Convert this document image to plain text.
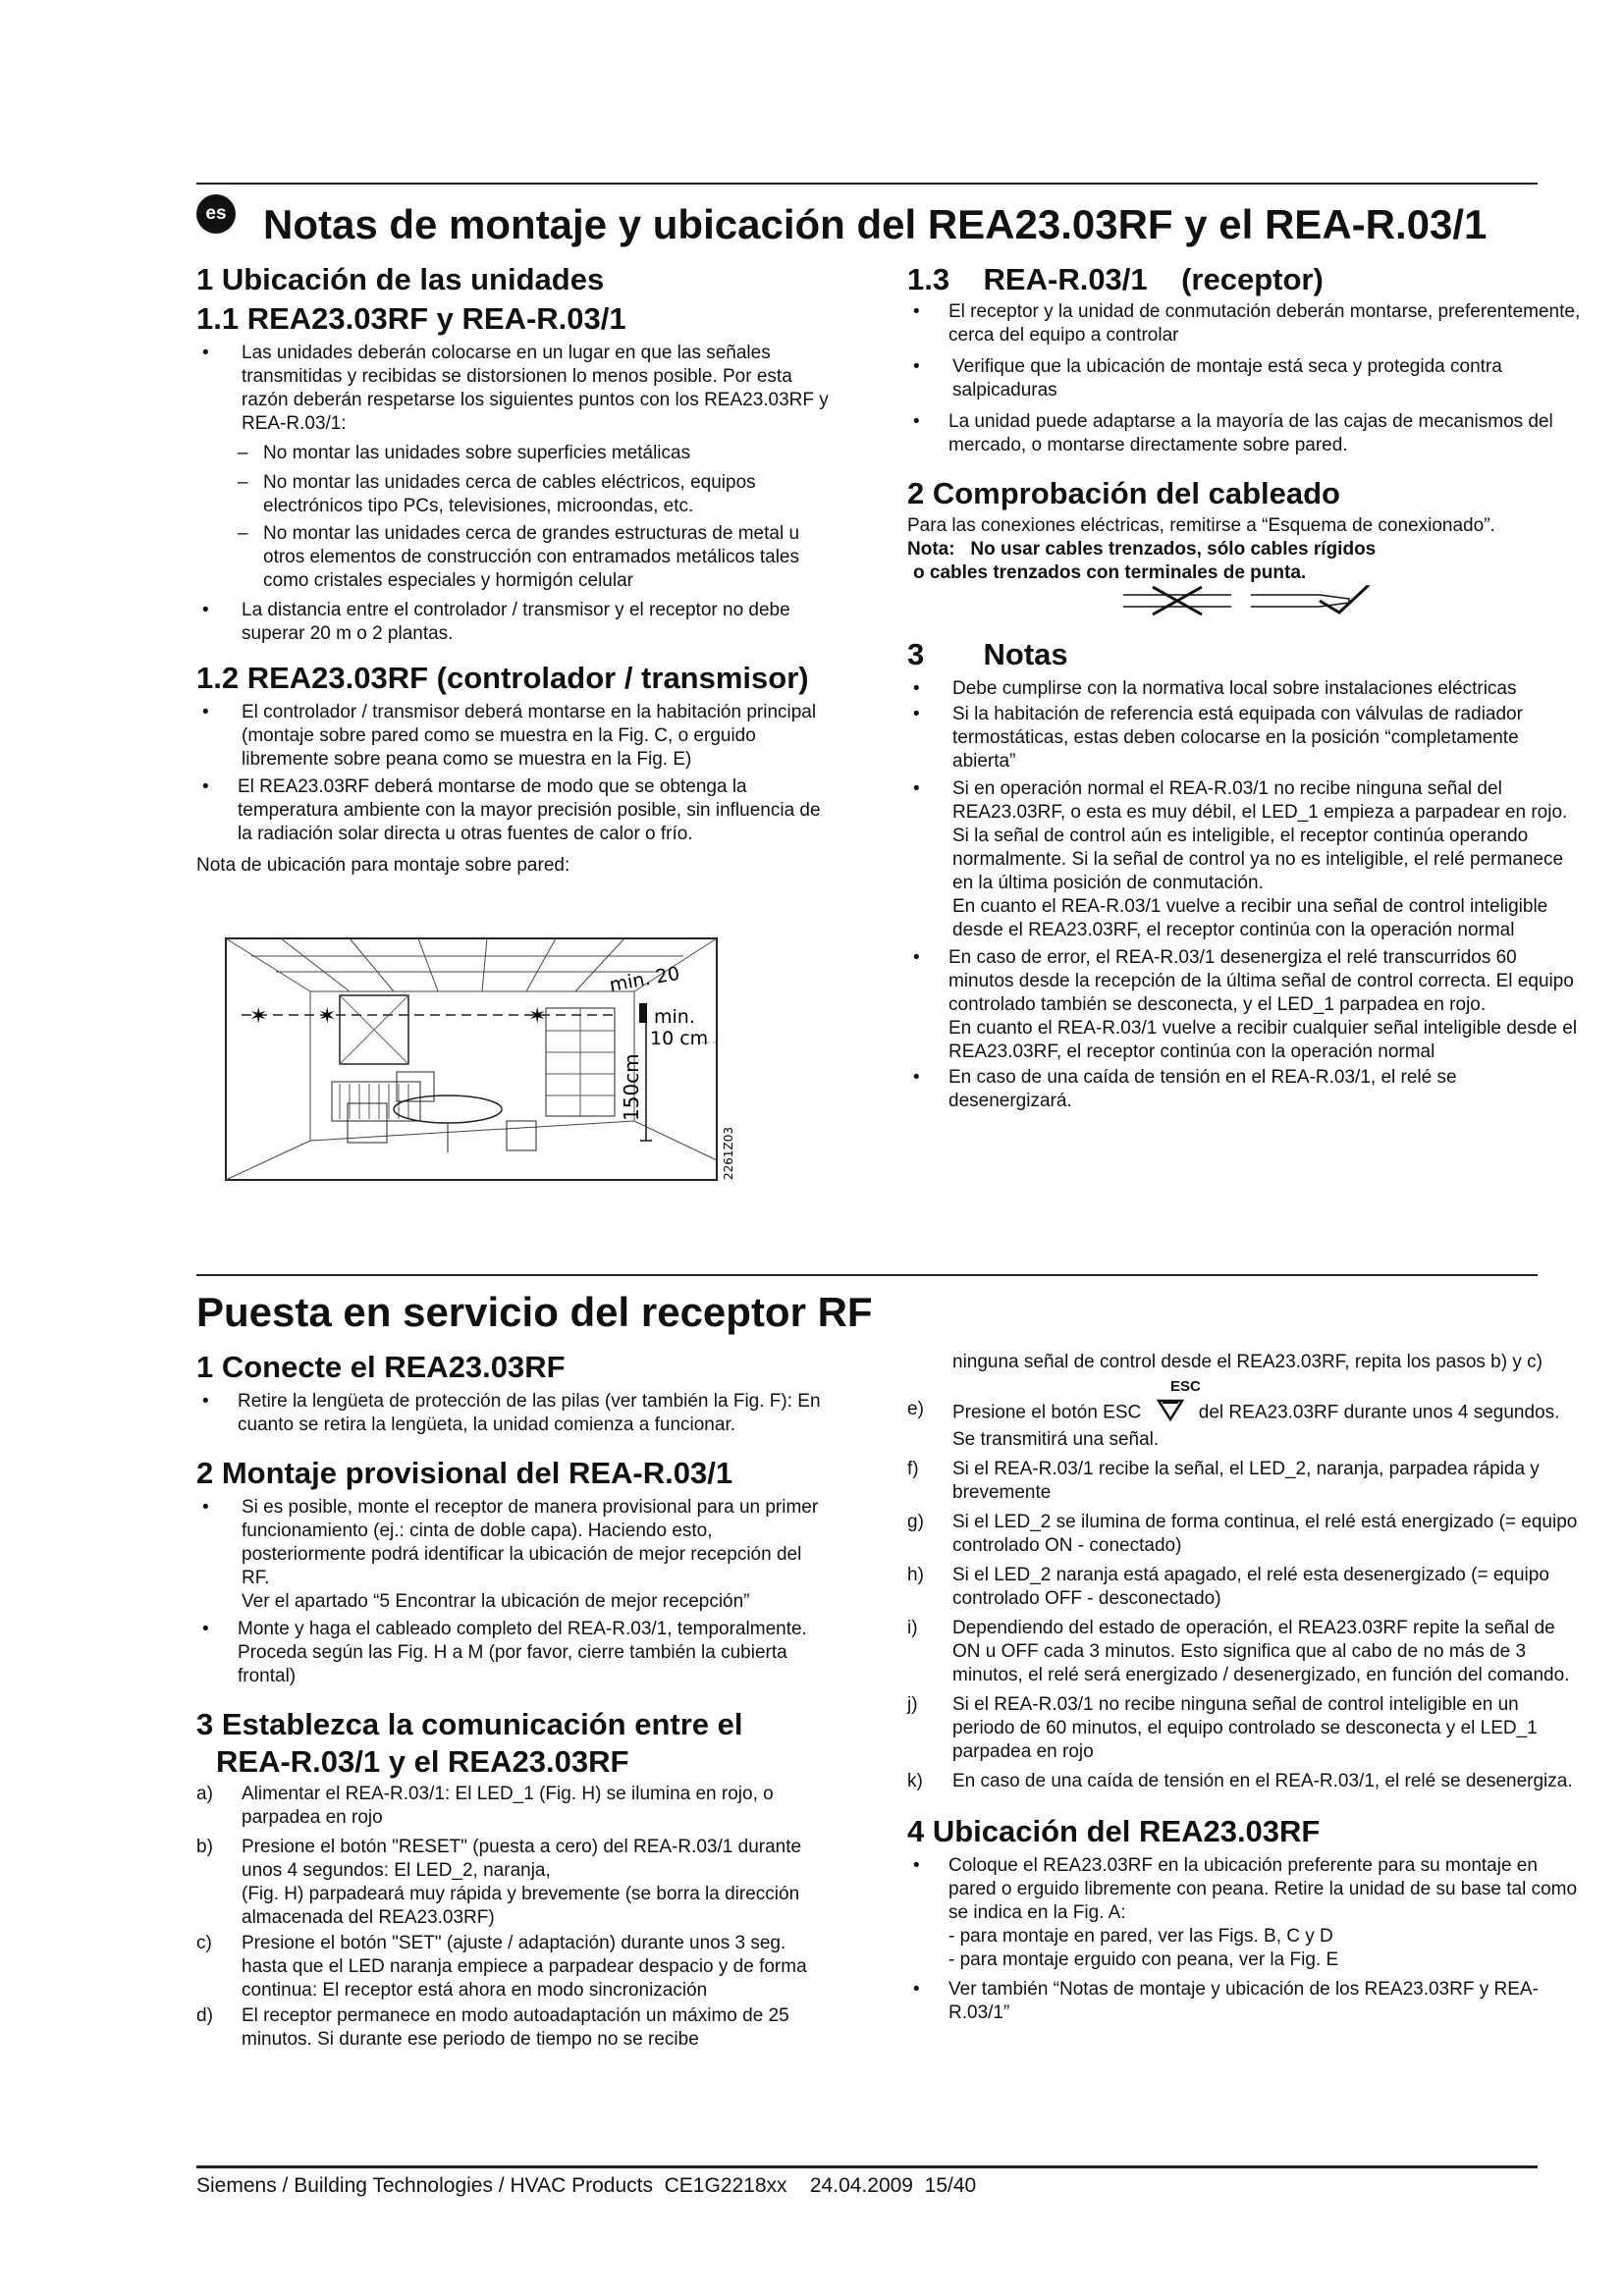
es Notas de montaje y ubicación del REA23.03RF y el REA-R.03/1
1 Ubicación de las unidades
1.1 REA23.03RF y REA-R.03/1

• Las unidades deberán colocarse en un lugar en que las señales transmitidas y recibidas se distorsionen lo menos posible. Por esta razón deberán respetarse los siguientes puntos con los REA23.03RF y REA-R.03/1:

– No montar las unidades sobre superficies metálicas

– No montar las unidades cerca de cables eléctricos, equipos electrónicos tipo PCs, televisiones, microondas, etc.

– No montar las unidades cerca de grandes estructuras de metal u otros elementos de construcción con entramados metálicos tales como cristales especiales y hormigón celular

• La distancia entre el controlador / transmisor y el receptor no debe superar 20 m o 2 plantas.

1.2 REA23.03RF (controlador / transmisor)

• El controlador / transmisor deberá montarse en la habitación principal (montaje sobre pared como se muestra en la Fig. C, o erguido libremente sobre peana como se muestra en la Fig. E)

• El REA23.03RF deberá montarse de modo que se obtenga la temperatura ambiente con la mayor precisión posible, sin influencia de la radiación solar directa u otras fuentes de calor o frío.

Nota de ubicación para montaje sobre pared:

✶ ✶	✶	min.
10 cm
min. 20
150cm
2261Z03
1.3    REA-R.03/1    (receptor)

• El receptor y la unidad de conmutación deberán montarse, preferentemente, cerca del equipo a controlar

• Verifique que la ubicación de montaje está seca y protegida contra salpicaduras

• La unidad puede adaptarse a la mayoría de las cajas de mecanismos del mercado, o montarse directamente sobre pared.

2 Comprobación del cableado

Para las conexiones eléctricas, remitirse a “Esquema de conexionado”.

Nota:   No usar cables trenzados, sólo cables rígidos

o cables trenzados con terminales de punta.

3       Notas

• Debe cumplirse con la normativa local sobre instalaciones eléctricas

• Si la habitación de referencia está equipada con válvulas de radiador termostáticas, estas deben colocarse en la posición “completamente abierta”

• Si en operación normal el REA-R.03/1 no recibe ninguna señal del REA23.03RF, o esta es muy débil, el LED_1 empieza a parpadear en rojo.
Si la señal de control aún es inteligible, el receptor continúa operando normalmente. Si la señal de control ya no es inteligible, el relé permanece en la última posición de conmutación.
En cuanto el REA-R.03/1 vuelve a recibir una señal de control inteligible desde el REA23.03RF, el receptor continúa con la operación normal

• En caso de error, el REA-R.03/1 desenergiza el relé transcurridos 60 minutos desde la recepción de la última señal de control correcta. El equipo controlado también se desconecta, y el LED_1 parpadea en rojo.
En cuanto el REA-R.03/1 vuelve a recibir cualquier señal inteligible desde el REA23.03RF, el receptor continúa con la operación normal

• En caso de una caída de tensión en el REA-R.03/1, el relé se desenergizará.

Puesta en servicio del receptor RF
1 Conecte el REA23.03RF

• Retire la lengüeta de protección de las pilas (ver también la Fig. F): En cuanto se retira la lengüeta, la unidad comienza a funcionar.

2 Montaje provisional del REA-R.03/1

• Si es posible, monte el receptor de manera provisional para un primer funcionamiento (ej.: cinta de doble capa). Haciendo esto, posteriormente podrá identificar la ubicación de mejor recepción del RF.
Ver el apartado “5 Encontrar la ubicación de mejor recepción”

• Monte y haga el cableado completo del REA-R.03/1, temporalmente. Proceda según las Fig. H a M (por favor, cierre también la cubierta frontal)

3 Establezca la comunicación entre el
REA-R.03/1 y el REA23.03RF
a) Alimentar el REA-R.03/1: El LED_1 (Fig. H) se ilumina en rojo, o parpadea en rojo
b) Presione el botón "RESET" (puesta a cero) del REA-R.03/1 durante unos 4 segundos: El LED_2, naranja,
(Fig. H) parpadeará muy rápida y brevemente (se borra la dirección almacenada del REA23.03RF)
c) Presione el botón "SET" (ajuste / adaptación) durante unos 3 seg. hasta que el LED naranja empiece a parpadear despacio y de forma continua: El receptor está ahora en modo sincronización
d) El receptor permanece en modo autoadaptación un máximo de 25 minutos. Si durante ese periodo de tiempo no se recibe

ninguna señal de control desde el REA23.03RF, repita los pasos b) y c)

ESC

e) Presione el botón ESC	del REA23.03RF durante unos 4 segundos. Se transmitirá una señal.
f) Si el REA-R.03/1 recibe la señal, el LED_2, naranja, parpadea rápida y brevemente
g) Si el LED_2 se ilumina de forma continua, el relé está energizado (= equipo controlado ON - conectado)
h) Si el LED_2 naranja está apagado, el relé esta desenergizado (= equipo controlado OFF - desconectado)
i) Dependiendo del estado de operación, el REA23.03RF repite la señal de ON u OFF cada 3 minutos. Esto significa que al cabo de no más de 3 minutos, el relé será energizado / desenergizado, en función del comando.
j) Si el REA-R.03/1 no recibe ninguna señal de control inteligible en un periodo de 60 minutos, el equipo controlado se desconecta y el LED_1 parpadea en rojo
k) En caso de una caída de tensión en el REA-R.03/1, el relé se desenergiza.
4 Ubicación del REA23.03RF

• Coloque el REA23.03RF en la ubicación preferente para su montaje en pared o erguido libremente con peana. Retire la unidad de su base tal como se indica en la Fig. A:
- para montaje en pared, ver las Figs. B, C y D
- para montaje erguido con peana, ver la Fig. E

• Ver también “Notas de montaje y ubicación de los REA23.03RF y REA-R.03/1”

Siemens / Building Technologies / HVAC Products  CE1G2218xx    24.04.2009  15/40
